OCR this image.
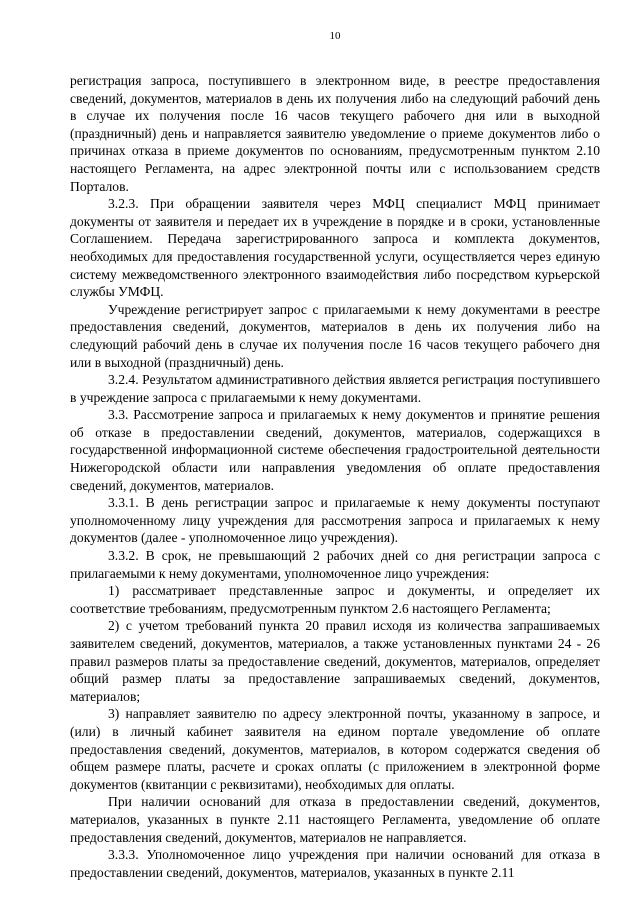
10

регистрация запроса, поступившего в электронном виде, в реестре предоставления сведений, документов, материалов в день их получения либо на следующий рабочий день в случае их получения после 16 часов текущего рабочего дня или в выходной (праздничный) день и направляется заявителю уведомление о приеме документов либо о причинах отказа в приеме документов по основаниям, предусмотренным пунктом 2.10 настоящего Регламента, на адрес электронной почты или с использованием средств Порталов.

3.2.3. При обращении заявителя через МФЦ специалист МФЦ принимает документы от заявителя и передает их в учреждение в порядке и в сроки, установленные Соглашением. Передача зарегистрированного запроса и комплекта документов, необходимых для предоставления государственной услуги, осуществляется через единую систему межведомственного электронного взаимодействия либо посредством курьерской службы УМФЦ.

Учреждение регистрирует запрос с прилагаемыми к нему документами в реестре предоставления сведений, документов, материалов в день их получения либо на следующий рабочий день в случае их получения после 16 часов текущего рабочего дня или в выходной (праздничный) день.

3.2.4. Результатом административного действия является регистрация поступившего в учреждение запроса с прилагаемыми к нему документами.

3.3. Рассмотрение запроса и прилагаемых к нему документов и принятие решения об отказе в предоставлении сведений, документов, материалов, содержащихся в государственной информационной системе обеспечения градостроительной деятельности Нижегородской области или направления уведомления об оплате предоставления сведений, документов, материалов.

3.3.1. В день регистрации запрос и прилагаемые к нему документы поступают уполномоченному лицу учреждения для рассмотрения запроса и прилагаемых к нему документов (далее - уполномоченное лицо учреждения).

3.3.2. В срок, не превышающий 2 рабочих дней со дня регистрации запроса с прилагаемыми к нему документами, уполномоченное лицо учреждения:

1) рассматривает представленные запрос и документы, и определяет их соответствие требованиям, предусмотренным пунктом 2.6 настоящего Регламента;

2) с учетом требований пункта 20 правил исходя из количества запрашиваемых заявителем сведений, документов, материалов, а также установленных пунктами 24 - 26 правил размеров платы за предоставление сведений, документов, материалов, определяет общий размер платы за предоставление запрашиваемых сведений, документов, материалов;

3) направляет заявителю по адресу электронной почты, указанному в запросе, и (или) в личный кабинет заявителя на едином портале уведомление об оплате предоставления сведений, документов, материалов, в котором содержатся сведения об общем размере платы, расчете и сроках оплаты (с приложением в электронной форме документов (квитанции с реквизитами), необходимых для оплаты.

При наличии оснований для отказа в предоставлении сведений, документов, материалов, указанных в пункте 2.11 настоящего Регламента, уведомление об оплате предоставления сведений, документов, материалов не направляется.

3.3.3. Уполномоченное лицо учреждения при наличии оснований для отказа в предоставлении сведений, документов, материалов, указанных в пункте 2.11
